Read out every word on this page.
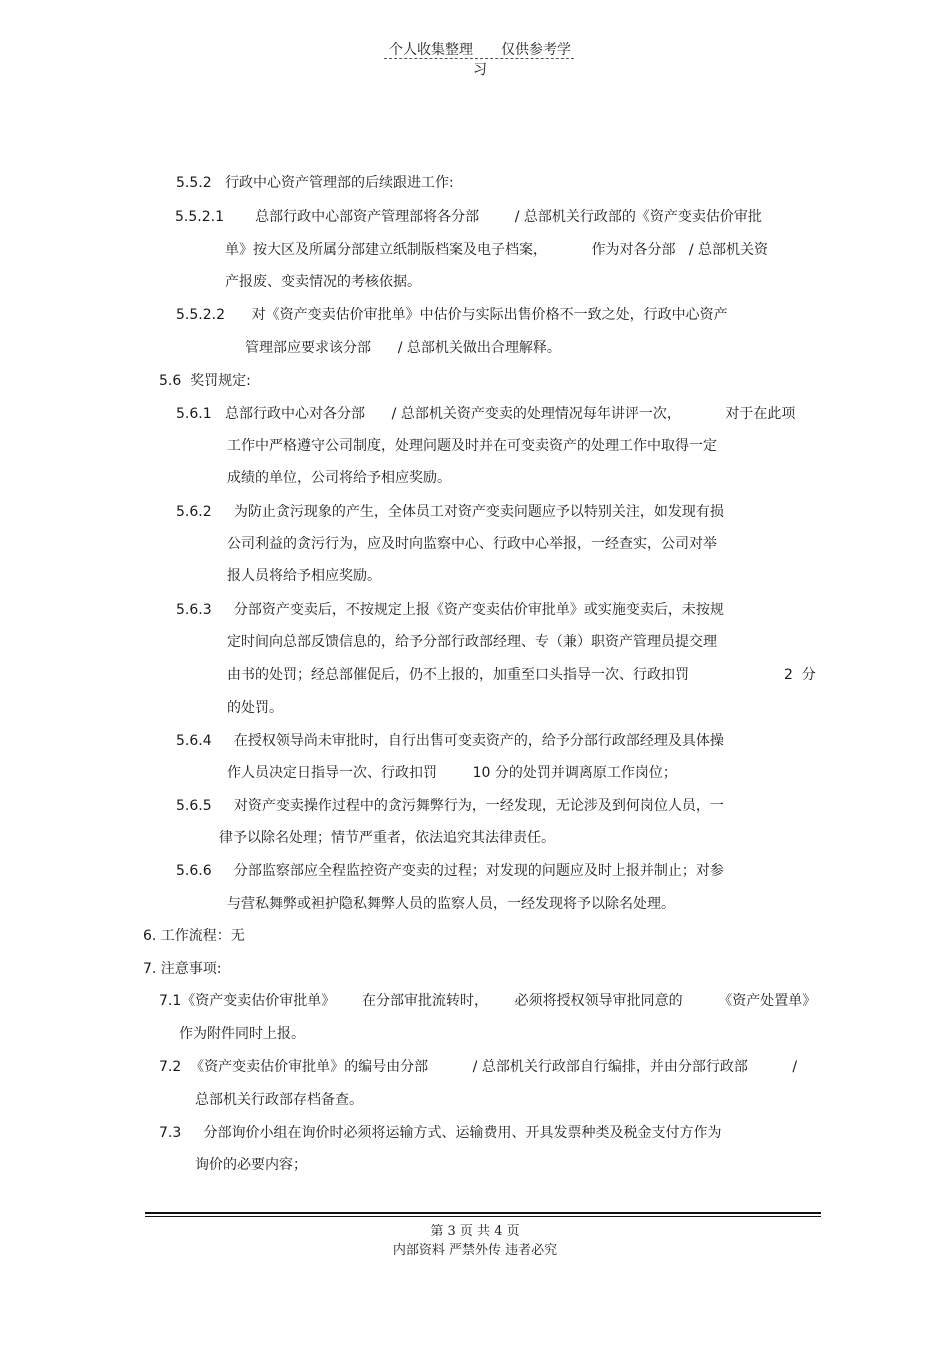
个人收集整理　　仅供参考学习
5.5.2   行政中心资产管理部的后续跟进工作:
5.5.2.1       总部行政中心部资产管理部将各分部        / 总部机关行政部的《资产变卖估价审批
单》按大区及所属分部建立纸制版档案及电子档案，          作为对各分部   / 总部机关资
产报废、变卖情况的考核依据。
5.5.2.2      对《资产变卖估价审批单》中估价与实际出售价格不一致之处，行政中心资产
管理部应要求该分部      / 总部机关做出合理解释。
5.6  奖罚规定:
5.6.1   总部行政中心对各分部      / 总部机关资产变卖的处理情况每年讲评一次，          对于在此项
工作中严格遵守公司制度，处理问题及时并在可变卖资产的处理工作中取得一定
成绩的单位，公司将给予相应奖励。
5.6.2     为防止贪污现象的产生，全体员工对资产变卖问题应予以特别关注，如发现有损
公司利益的贪污行为，应及时向监察中心、行政中心举报，一经查实，公司对举
报人员将给予相应奖励。
5.6.3     分部资产变卖后，不按规定上报《资产变卖估价审批单》或实施变卖后，未按规
定时间向总部反馈信息的，给予分部行政部经理、专（兼）职资产管理员提交理
由书的处罚；经总部催促后，仍不上报的，加重至口头指导一次、行政扣罚	2  分
的处罚。
5.6.4     在授权领导尚未审批时，自行出售可变卖资产的，给予分部行政部经理及具体操
作人员决定日指导一次、行政扣罚        10 分的处罚并调离原工作岗位；
5.6.5     对资产变卖操作过程中的贪污舞弊行为，一经发现，无论涉及到何岗位人员，一
律予以除名处理；情节严重者，依法追究其法律责任。
5.6.6     分部监察部应全程监控资产变卖的过程；对发现的问题应及时上报并制止；对参
与营私舞弊或袒护隐私舞弊人员的监察人员，一经发现将予以除名处理。
6. 工作流程：无
7. 注意事项:
7.1《资产变卖估价审批单》      在分部审批流转时，      必须将授权领导审批同意的        《资产处置单》
作为附件同时上报。
7.2  《资产变卖估价审批单》的编号由分部          / 总部机关行政部自行编排，并由分部行政部          /
总部机关行政部存档备查。
7.3     分部询价小组在询价时必须将运输方式、运输费用、开具发票种类及税金支付方作为
询价的必要内容；
第 3 页 共 4 页
内部资料 严禁外传 违者必究
